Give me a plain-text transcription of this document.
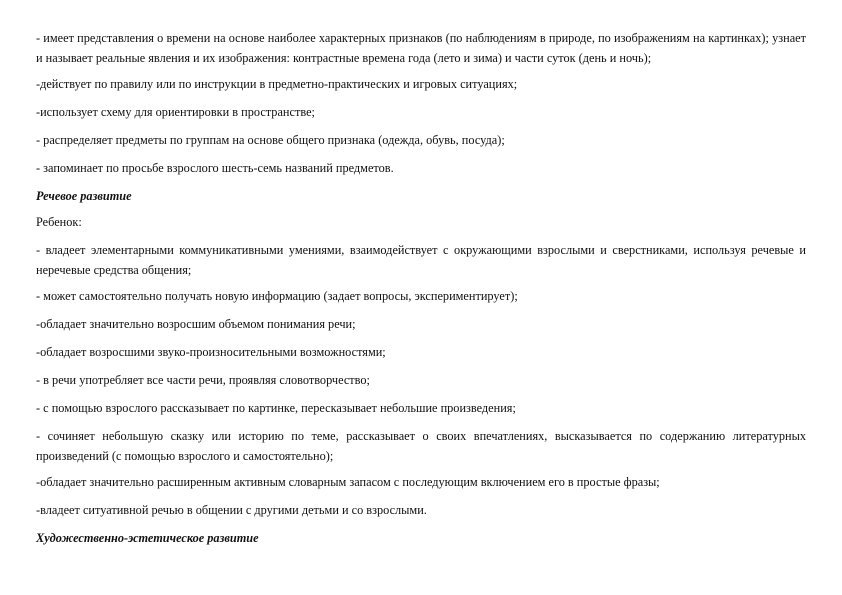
- имеет представления о времени на основе наиболее характерных признаков (по наблюдениям в природе, по изображениям на картинках); узнает и называет реальные явления и их изображения: контрастные времена года (лето и зима) и части суток (день и ночь);

-действует по правилу или по инструкции в предметно-практических и игровых ситуациях;

-использует схему для ориентировки в пространстве;

- распределяет предметы по группам на основе общего признака (одежда, обувь, посуда);

- запоминает по просьбе взрослого шесть-семь названий предметов.

Речевое развитие

Ребенок:

- владеет элементарными коммуникативными умениями, взаимодействует с окружающими взрослыми и сверстниками, используя речевые и неречевые средства общения;

- может самостоятельно получать новую информацию (задает вопросы, экспериментирует);

-обладает значительно возросшим объемом понимания речи;

-обладает возросшими звуко-произносительными возможностями;

- в речи употребляет все части речи, проявляя словотворчество;

- с помощью взрослого рассказывает по картинке, пересказывает небольшие произведения;

- сочиняет небольшую сказку или историю по теме, рассказывает о своих впечатлениях, высказывается по содержанию литературных произведений (с помощью взрослого и самостоятельно);

-обладает значительно расширенным активным словарным запасом с последующим включением его в простые фразы;

-владеет ситуативной речью в общении с другими детьми и со взрослыми.

Художественно-эстетическое развитие
